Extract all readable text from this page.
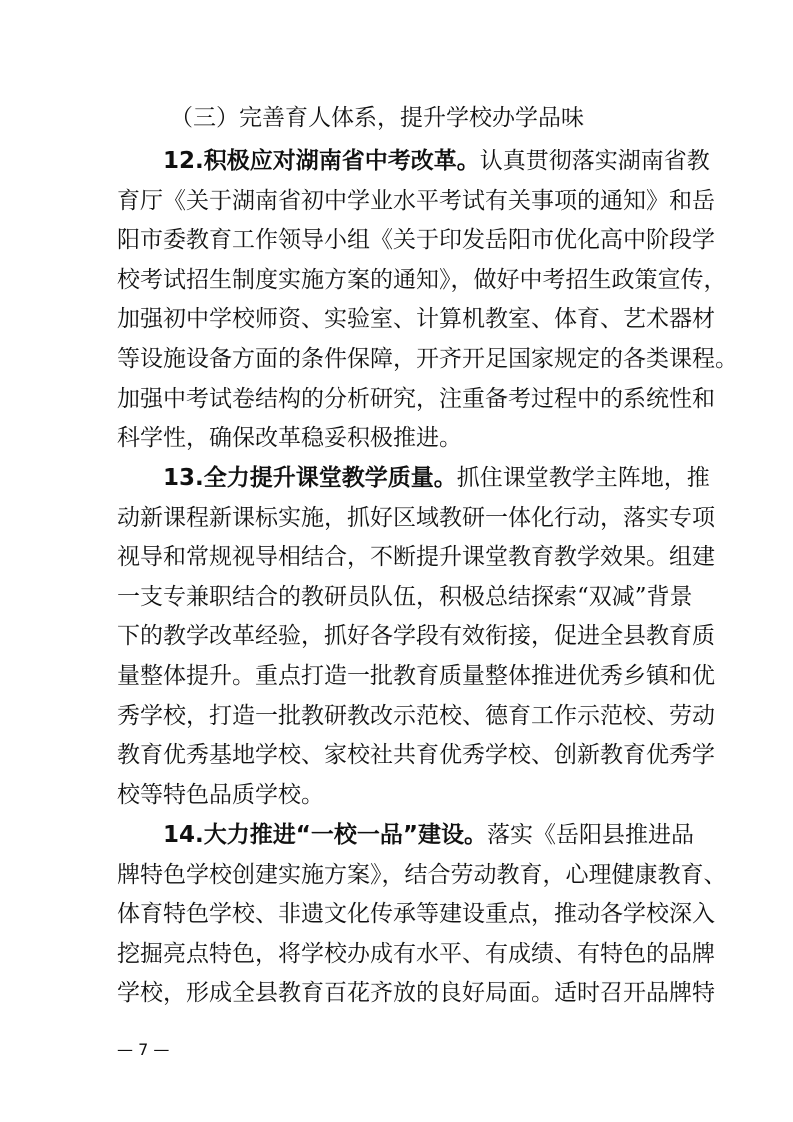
（三）完善育人体系，提升学校办学品味
12.积极应对湖南省中考改革。认真贯彻落实湖南省教
育厅《关于湖南省初中学业水平考试有关事项的通知》和岳
阳市委教育工作领导小组《关于印发岳阳市优化高中阶段学
校考试招生制度实施方案的通知》，做好中考招生政策宣传，
加强初中学校师资、实验室、计算机教室、体育、艺术器材
等设施设备方面的条件保障，开齐开足国家规定的各类课程。
加强中考试卷结构的分析研究，注重备考过程中的系统性和
科学性，确保改革稳妥积极推进。
13.全力提升课堂教学质量。抓住课堂教学主阵地，推
动新课程新课标实施，抓好区域教研一体化行动，落实专项
视导和常规视导相结合，不断提升课堂教育教学效果。组建
一支专兼职结合的教研员队伍，积极总结探索“双减”背景
下的教学改革经验，抓好各学段有效衔接，促进全县教育质
量整体提升。重点打造一批教育质量整体推进优秀乡镇和优
秀学校，打造一批教研教改示范校、德育工作示范校、劳动
教育优秀基地学校、家校社共育优秀学校、创新教育优秀学
校等特色品质学校。
14.大力推进“一校一品”建设。落实《岳阳县推进品
牌特色学校创建实施方案》，结合劳动教育，心理健康教育、
体育特色学校、非遗文化传承等建设重点，推动各学校深入
挖掘亮点特色，将学校办成有水平、有成绩、有特色的品牌
学校，形成全县教育百花齐放的良好局面。适时召开品牌特
— 7 —
